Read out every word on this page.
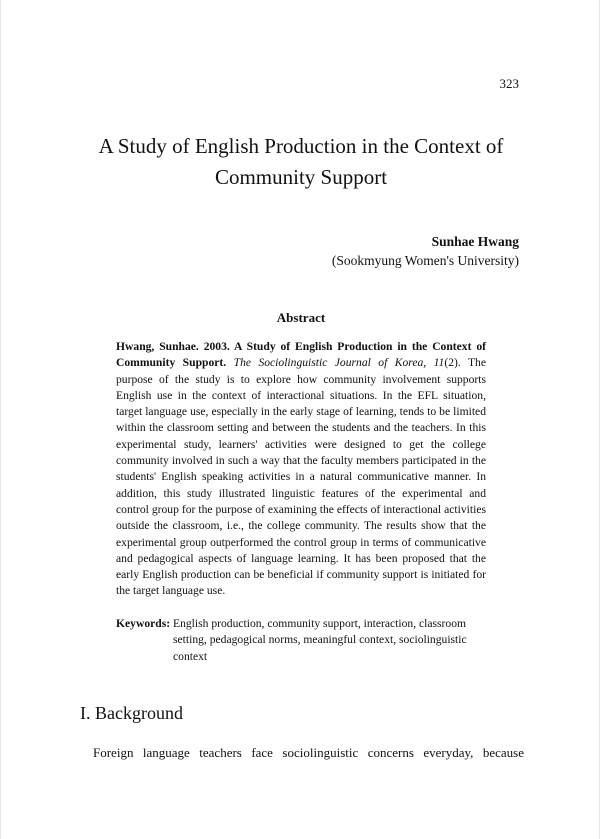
323
A Study of English Production in the Context of
Community Support
Sunhae Hwang
(Sookmyung Women's University)
Abstract
Hwang, Sunhae. 2003. A Study of English Production in the Context of Community Support. The Sociolinguistic Journal of Korea, 11(2). The purpose of the study is to explore how community involvement supports English use in the context of interactional situations. In the EFL situation, target language use, especially in the early stage of learning, tends to be limited within the classroom setting and between the students and the teachers. In this experimental study, learners' activities were designed to get the college community involved in such a way that the faculty members participated in the students' English speaking activities in a natural communicative manner. In addition, this study illustrated linguistic features of the experimental and control group for the purpose of examining the effects of interactional activities outside the classroom, i.e., the college community. The results show that the experimental group outperformed the control group in terms of communicative and pedagogical aspects of language learning. It has been proposed that the early English production can be beneficial if community support is initiated for the target language use.
Keywords: English production, community support, interaction, classroom setting, pedagogical norms, meaningful context, sociolinguistic context
I. Background
Foreign language teachers face sociolinguistic concerns everyday, because
